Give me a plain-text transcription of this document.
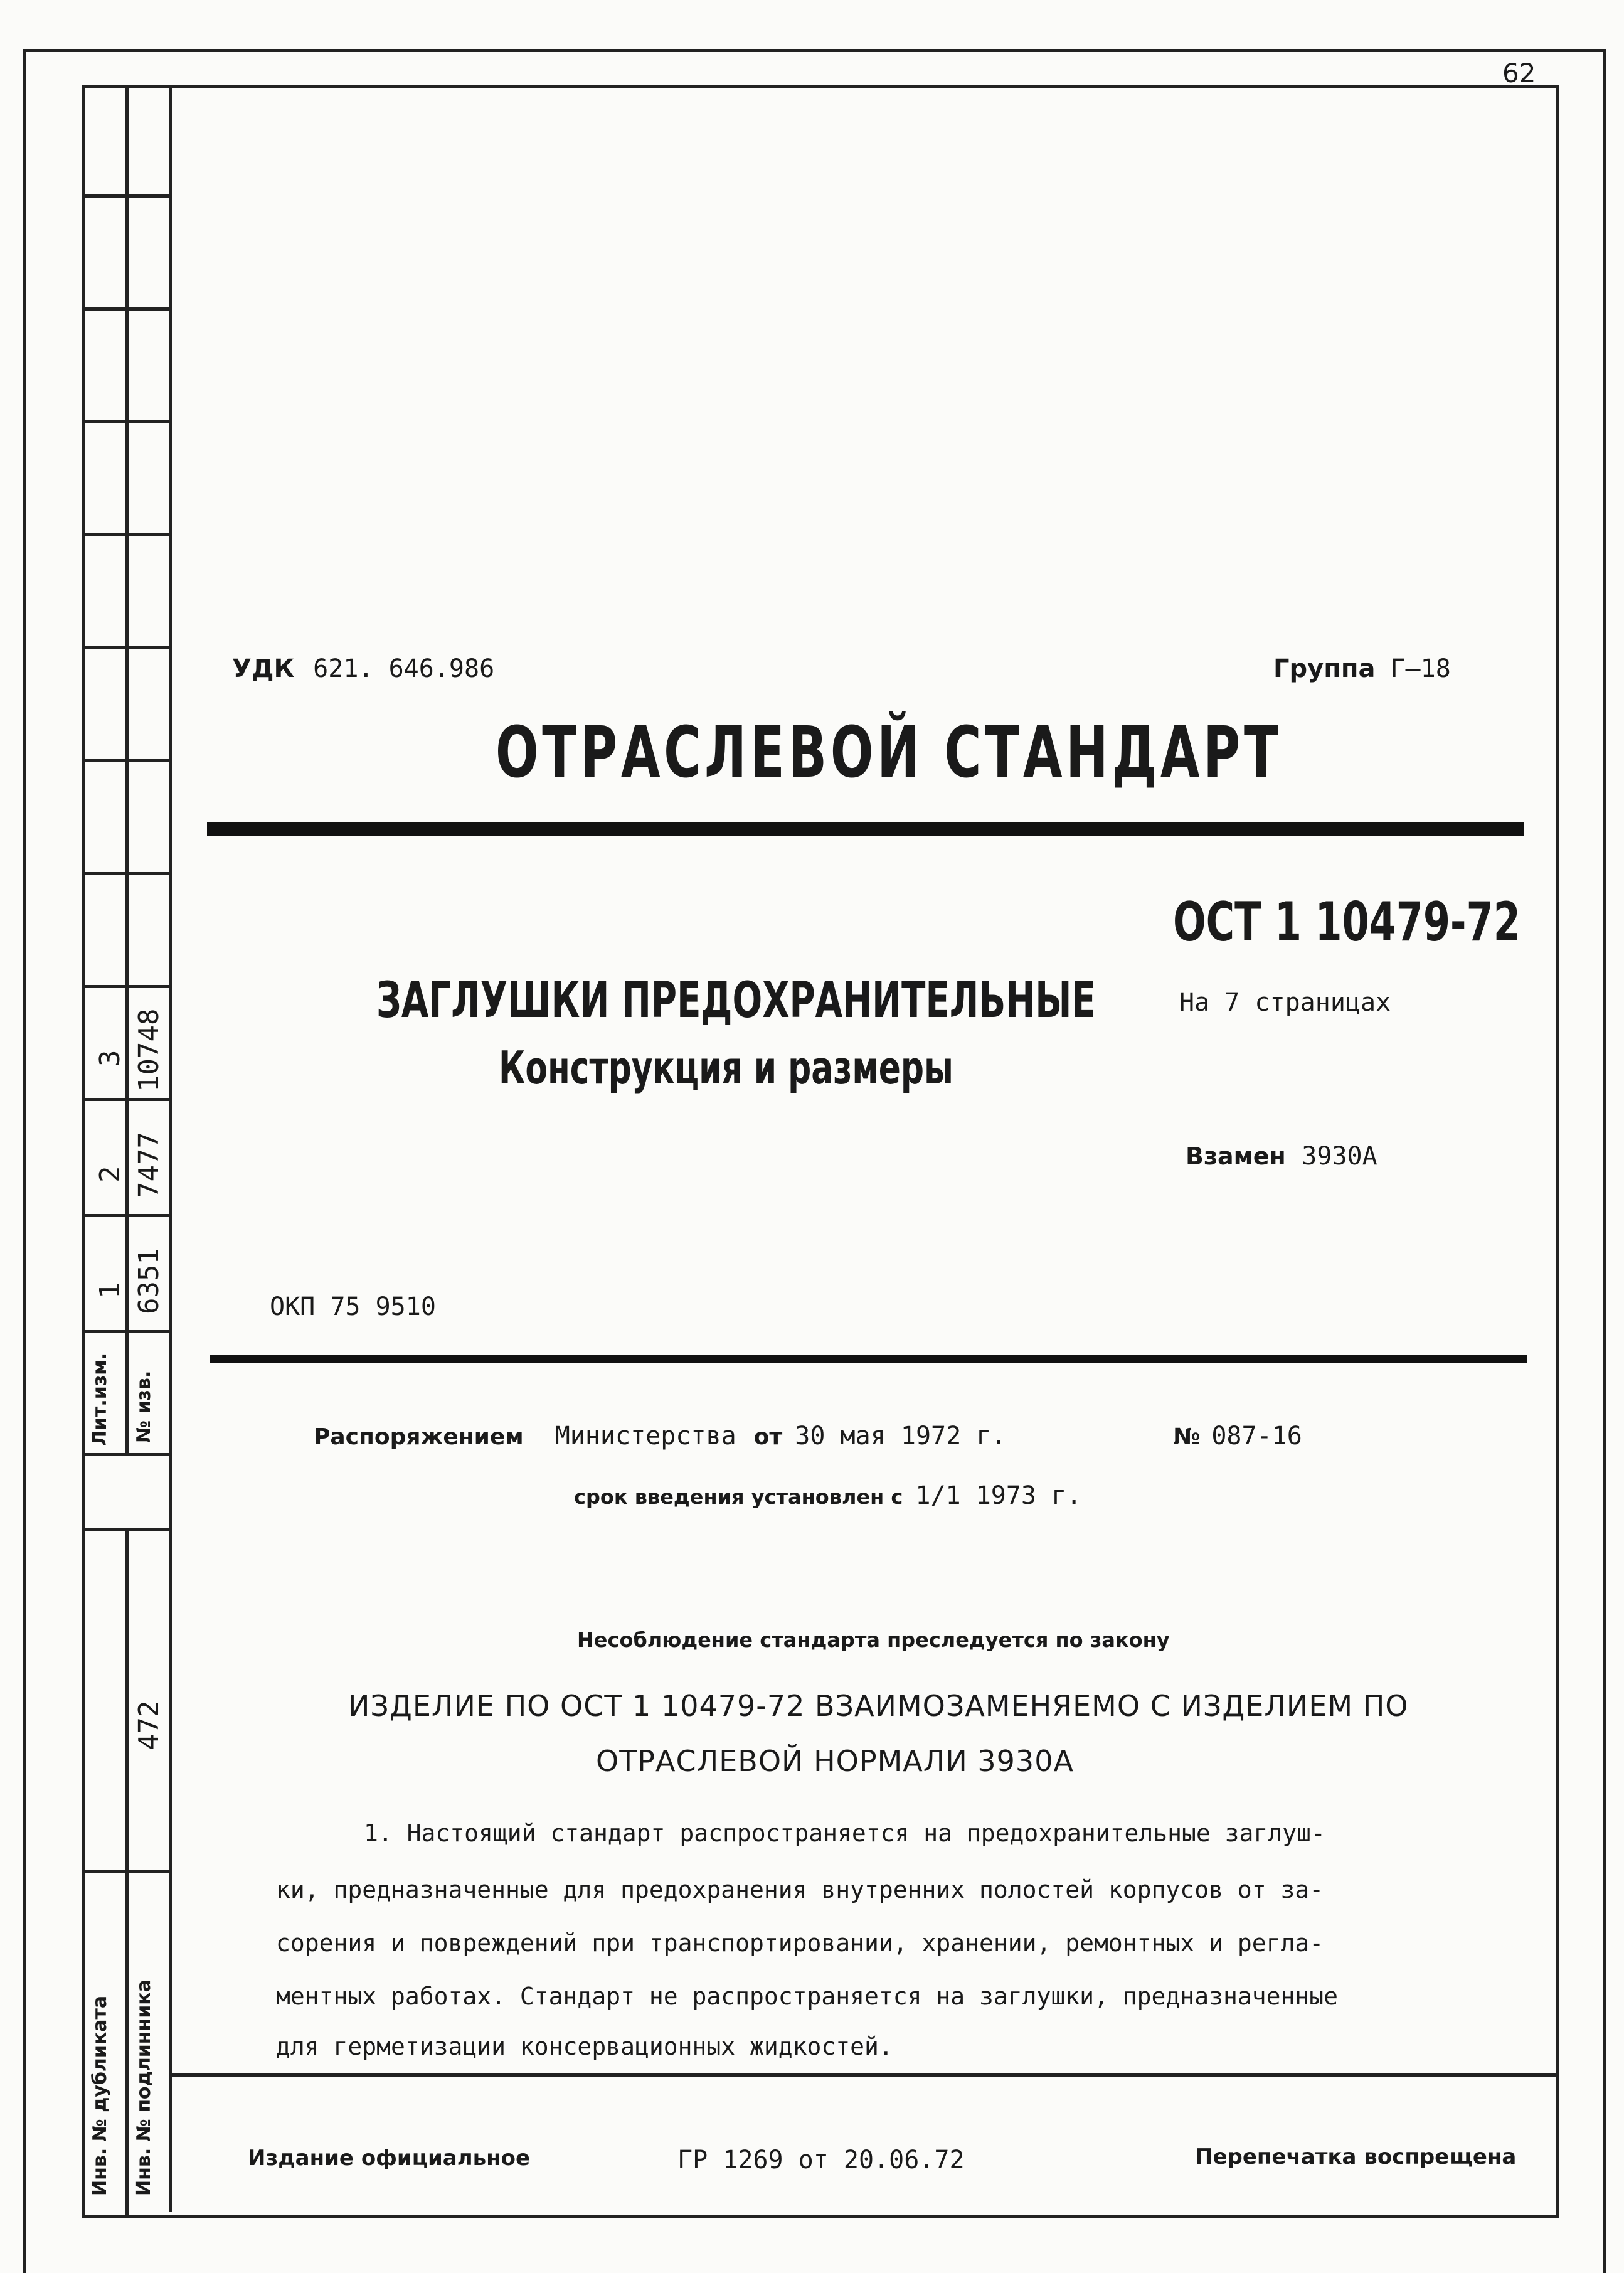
62
3 10748
2 7477
1 6351
Лит.изм. № изв.
472
Инв. № дубликата Инв. № подлинника
УДК 621. 646.986	Группа Г–18
ОТРАСЛЕВОЙ СТАНДАРТ
ОСТ 1 10479-72
ЗАГЛУШКИ ПРЕДОХРАНИТЕЛЬНЫЕ
Конструкция и размеры
На 7 страницах
Взамен 3930А
ОКП 75 9510
Распоряжением Министерства от 30 мая 1972 г.	№ 087-16
срок введения установлен с 1/1 1973 г.
Несоблюдение стандарта преследуется по закону
ИЗДЕЛИЕ ПО ОСТ 1 10479-72 ВЗАИМОЗАМЕНЯЕМО С ИЗДЕЛИЕМ ПО
ОТРАСЛЕВОЙ НОРМАЛИ 3930А
1. Настоящий стандарт распространяется на предохранительные заглуш-
ки, предназначенные для предохранения внутренних полостей корпусов от за-
сорения и повреждений при транспортировании, хранении, ремонтных и регла-
ментных работах. Стандарт не распространяется на заглушки, предназначенные
для герметизации консервационных жидкостей.
Издание официальное	ГР 1269 от 20.06.72	Перепечатка воспрещена
